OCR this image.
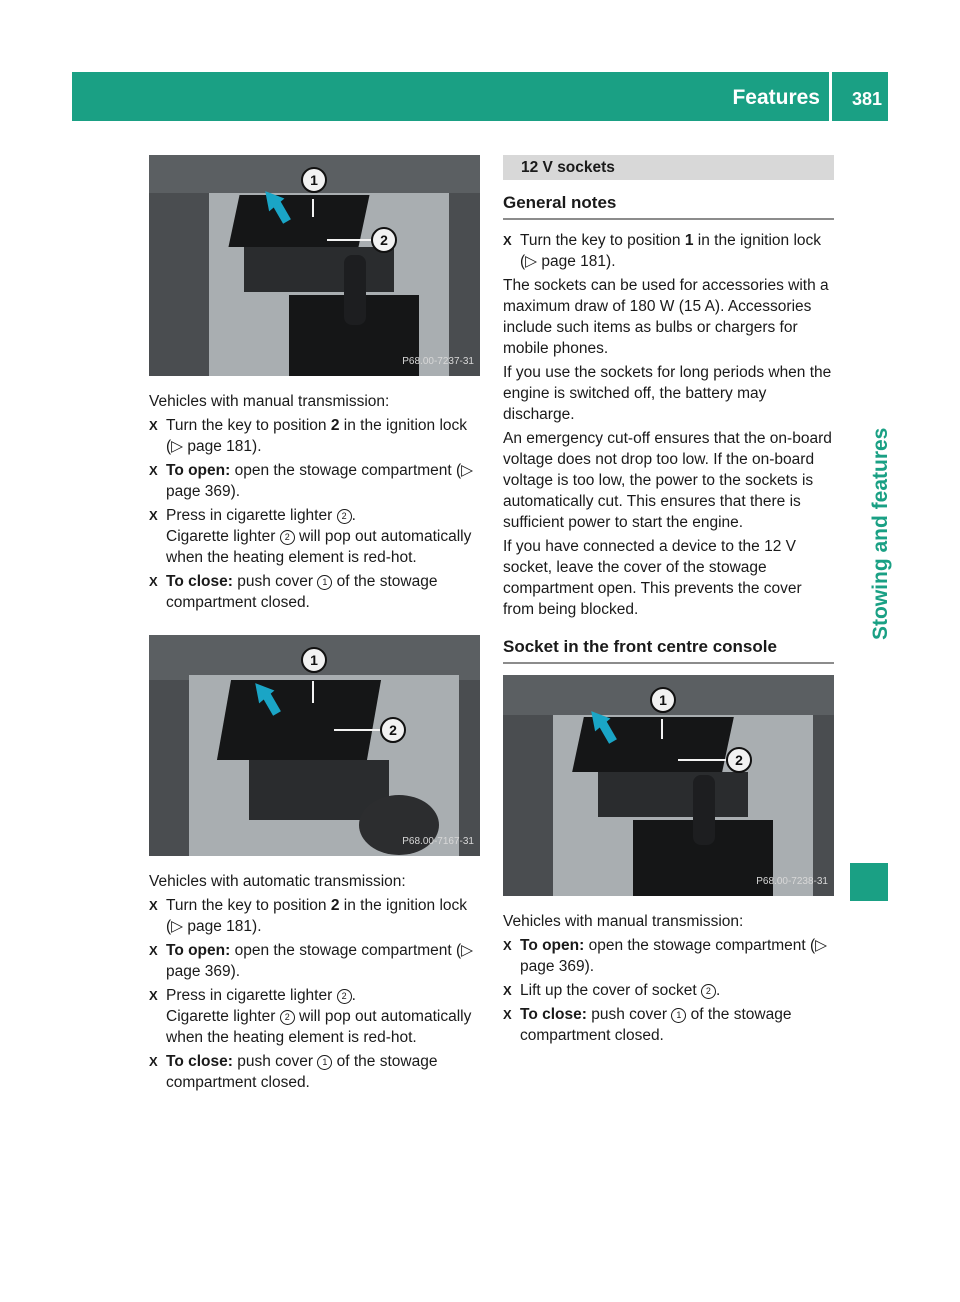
Features 381
Stowing and features
1
2
P68.00-7237-31

Vehicles with manual transmission:

X Turn the key to position 2 in the ignition lock (▷ page 181).
X To open: open the stowage compartment (▷ page 369).
X Press in cigarette lighter 2 .
Cigarette lighter 2 will pop out automatically when the heating element is red-hot.
X To close: push cover 1 of the stowage compartment closed.
1
2
P68.00-7167-31

Vehicles with automatic transmission:

X Turn the key to position 2 in the ignition lock (▷ page 181).
X To open: open the stowage compartment (▷ page 369).
X Press in cigarette lighter 2 .
Cigarette lighter 2 will pop out automatically when the heating element is red-hot.
X To close: push cover 1 of the stowage compartment closed.
12 V sockets
General notes
X Turn the key to position 1 in the ignition lock (▷ page 181).

The sockets can be used for accessories with a maximum draw of 180 W (15 A). Accessories include such items as bulbs or chargers for mobile phones.

If you use the sockets for long periods when the engine is switched off, the battery may discharge.

An emergency cut-off ensures that the on-board voltage does not drop too low. If the on-board voltage is too low, the power to the sockets is automatically cut. This ensures that there is sufficient power to start the engine.

If you have connected a device to the 12 V socket, leave the cover of the stowage compartment open. This prevents the cover from being blocked.

Socket in the front centre console
1
2
P68.00-7238-31

Vehicles with manual transmission:

X To open: open the stowage compartment (▷ page 369).
X Lift up the cover of socket 2 .
X To close: push cover 1 of the stowage compartment closed.
